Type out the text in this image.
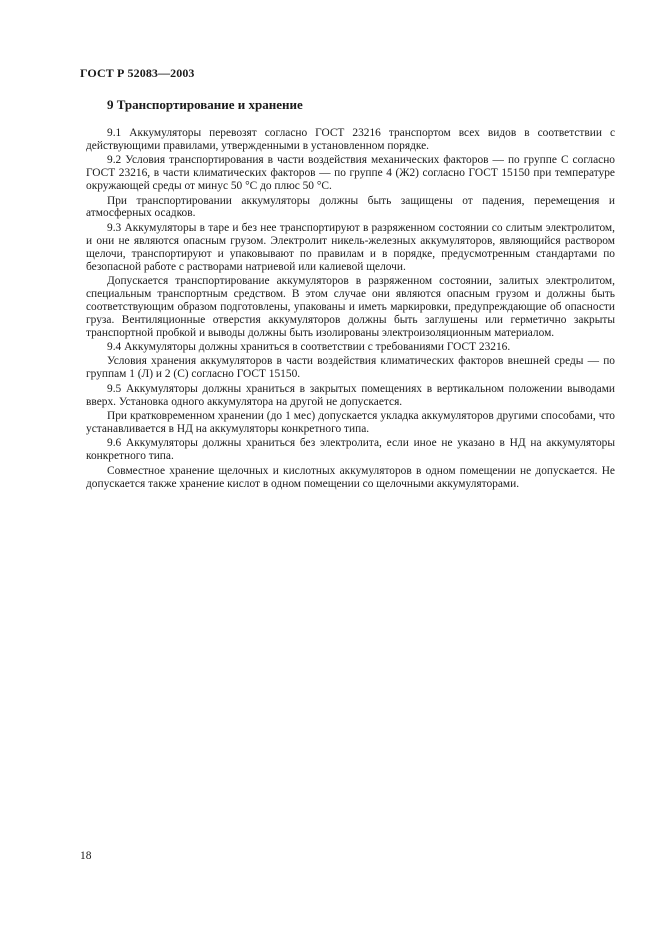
ГОСТ Р 52083—2003
9 Транспортирование и хранение

9.1 Аккумуляторы перевозят согласно ГОСТ 23216 транспортом всех видов в соответствии с действующими правилами, утвержденными в установленном порядке.

9.2 Условия транспортирования в части воздействия механических факторов — по группе С согласно ГОСТ 23216, в части климатических факторов — по группе 4 (Ж2) согласно ГОСТ 15150 при температуре окружающей среды от минус 50 °С до плюс 50 °С.

При транспортировании аккумуляторы должны быть защищены от падения, перемещения и атмосферных осадков.

9.3 Аккумуляторы в таре и без нее транспортируют в разряженном состоянии со слитым электролитом, и они не являются опасным грузом. Электролит никель-железных аккумуляторов, являющийся раствором щелочи, транспортируют и упаковывают по правилам и в порядке, предусмотренным стандартами по безопасной работе с растворами натриевой или калиевой щелочи.

Допускается транспортирование аккумуляторов в разряженном состоянии, залитых электролитом, специальным транспортным средством. В этом случае они являются опасным грузом и должны быть соответствующим образом подготовлены, упакованы и иметь маркировки, предупреждающие об опасности груза. Вентиляционные отверстия аккумуляторов должны быть заглушены или герметично закрыты транспортной пробкой и выводы должны быть изолированы электроизоляционным материалом.

9.4 Аккумуляторы должны храниться в соответствии с требованиями ГОСТ 23216.

Условия хранения аккумуляторов в части воздействия климатических факторов внешней среды — по группам 1 (Л) и 2 (С) согласно ГОСТ 15150.

9.5 Аккумуляторы должны храниться в закрытых помещениях в вертикальном положении выводами вверх. Установка одного аккумулятора на другой не допускается.

При кратковременном хранении (до 1 мес) допускается укладка аккумуляторов другими способами, что устанавливается в НД на аккумуляторы конкретного типа.

9.6 Аккумуляторы должны храниться без электролита, если иное не указано в НД на аккумуляторы конкретного типа.

Совместное хранение щелочных и кислотных аккумуляторов в одном помещении не допускается. Не допускается также хранение кислот в одном помещении со щелочными аккумуляторами.

18
